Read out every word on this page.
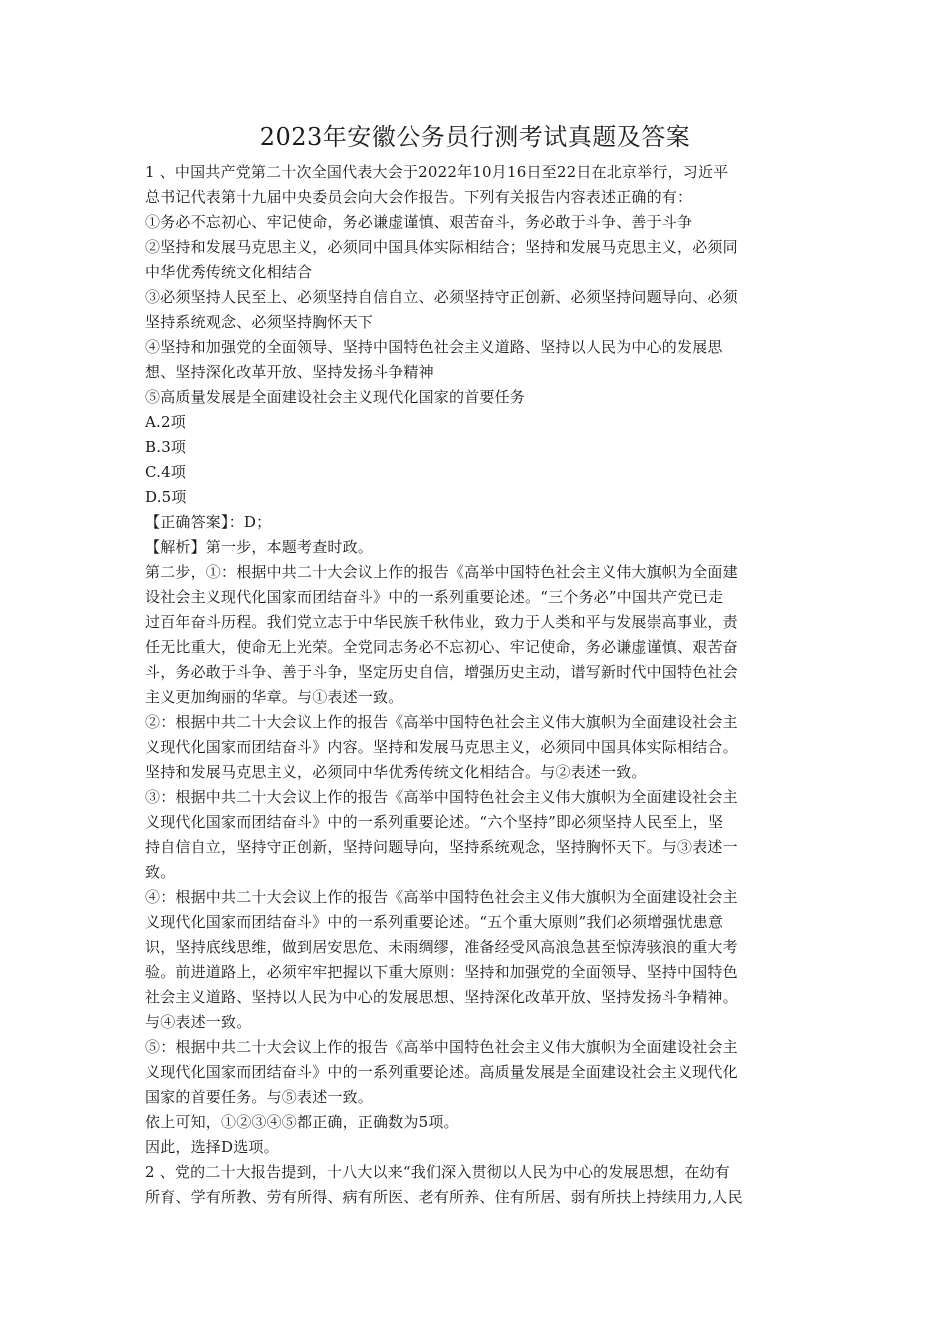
2023年安徽公务员行测考试真题及答案
1 、中国共产党第二十次全国代表大会于2022年10月16日至22日在北京举行，习近平
总书记代表第十九届中央委员会向大会作报告。下列有关报告内容表述正确的有：
①务必不忘初心、牢记使命，务必谦虚谨慎、艰苦奋斗，务必敢于斗争、善于斗争
②坚持和发展马克思主义，必须同中国具体实际相结合；坚持和发展马克思主义，必须同
中华优秀传统文化相结合
③必须坚持人民至上、必须坚持自信自立、必须坚持守正创新、必须坚持问题导向、必须
坚持系统观念、必须坚持胸怀天下
④坚持和加强党的全面领导、坚持中国特色社会主义道路、坚持以人民为中心的发展思
想、坚持深化改革开放、坚持发扬斗争精神
⑤高质量发展是全面建设社会主义现代化国家的首要任务
A.2项
B.3项
C.4项
D.5项
【正确答案】：D；
【解析】第一步，本题考查时政。
第二步，①：根据中共二十大会议上作的报告《高举中国特色社会主义伟大旗帜为全面建
设社会主义现代化国家而团结奋斗》中的一系列重要论述。“三个务必”中国共产党已走
过百年奋斗历程。我们党立志于中华民族千秋伟业，致力于人类和平与发展崇高事业，责
任无比重大，使命无上光荣。全党同志务必不忘初心、牢记使命，务必谦虚谨慎、艰苦奋
斗，务必敢于斗争、善于斗争，坚定历史自信，增强历史主动，谱写新时代中国特色社会
主义更加绚丽的华章。与①表述一致。
②：根据中共二十大会议上作的报告《高举中国特色社会主义伟大旗帜为全面建设社会主
义现代化国家而团结奋斗》内容。坚持和发展马克思主义，必须同中国具体实际相结合。
坚持和发展马克思主义，必须同中华优秀传统文化相结合。与②表述一致。
③：根据中共二十大会议上作的报告《高举中国特色社会主义伟大旗帜为全面建设社会主
义现代化国家而团结奋斗》中的一系列重要论述。“六个坚持”即必须坚持人民至上，坚
持自信自立，坚持守正创新，坚持问题导向，坚持系统观念，坚持胸怀天下。与③表述一
致。
④：根据中共二十大会议上作的报告《高举中国特色社会主义伟大旗帜为全面建设社会主
义现代化国家而团结奋斗》中的一系列重要论述。“五个重大原则”我们必须增强忧患意
识，坚持底线思维，做到居安思危、未雨绸缪，准备经受风高浪急甚至惊涛骇浪的重大考
验。前进道路上，必须牢牢把握以下重大原则：坚持和加强党的全面领导、坚持中国特色
社会主义道路、坚持以人民为中心的发展思想、坚持深化改革开放、坚持发扬斗争精神。
与④表述一致。
⑤：根据中共二十大会议上作的报告《高举中国特色社会主义伟大旗帜为全面建设社会主
义现代化国家而团结奋斗》中的一系列重要论述。高质量发展是全面建设社会主义现代化
国家的首要任务。与⑤表述一致。
依上可知，①②③④⑤都正确，正确数为5项。
因此，选择D选项。
2 、党的二十大报告提到，十八大以来“我们深入贯彻以人民为中心的发展思想，在幼有
所育、学有所教、劳有所得、病有所医、老有所养、住有所居、弱有所扶上持续用力,人民
